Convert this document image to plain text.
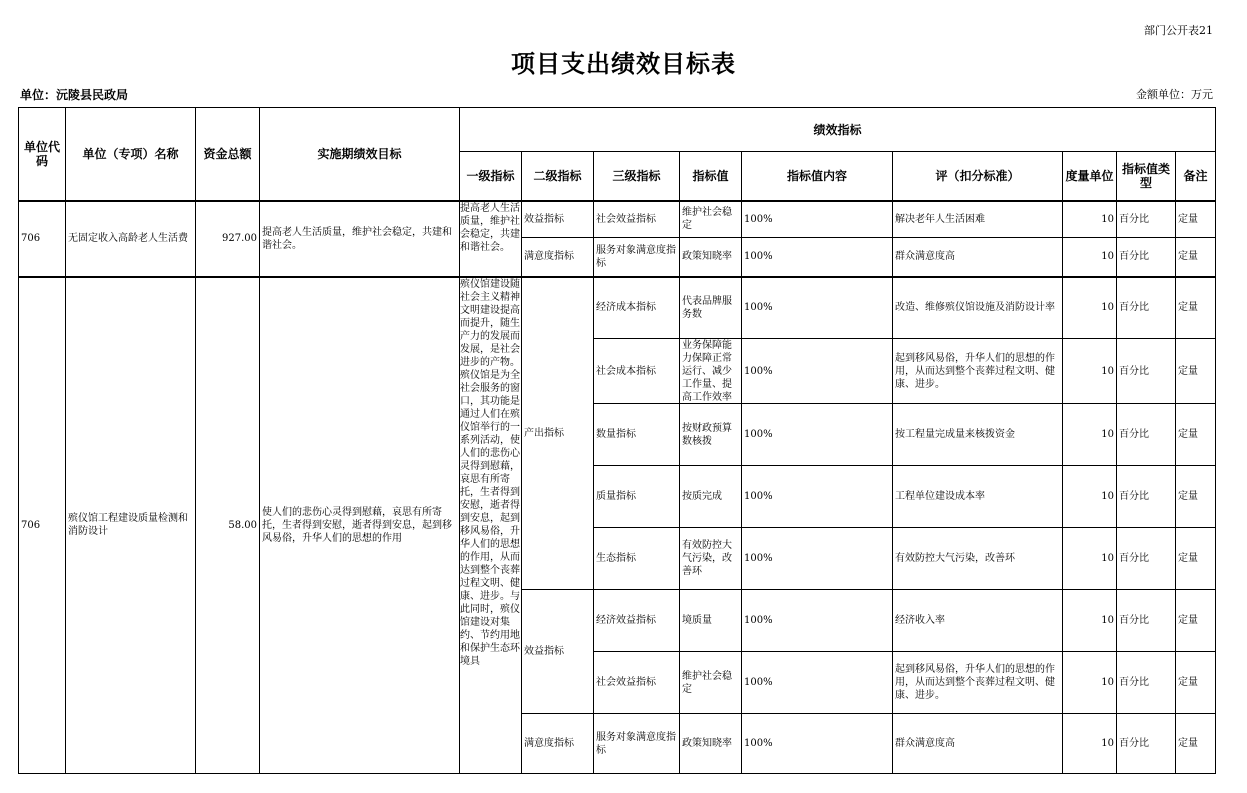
部门公开表21
项目支出绩效目标表
单位：沅陵县民政局	金额单位：万元
单位代码	单位（专项）名称	资金总额	实施期绩效目标	绩效指标								
				一级指标	二级指标	三级指标	指标值	指标值内容	评（扣分标准）	度量单位	指标值类型	备注
706	无固定收入高龄老人生活费	927.00	提高老人生活质量，维护社会稳定，共建和谐社会。	提高老人生活质量，维护社会稳定，共建和谐社会。	效益指标	社会效益指标	维护社会稳定	100%	解决老年人生活困难	10	百分比	定量
					满意度指标	服务对象满意度指标	政策知晓率	100%	群众满意度高	10	百分比	定量
706	殡仪馆工程建设质量检测和消防设计	58.00	使人们的悲伤心灵得到慰藉，哀思有所寄托，生者得到安慰，逝者得到安息，起到移风易俗，升华人们的思想的作用	殡仪馆建设随社会主义精神文明建设提高而提升，随生产力的发展而发展，是社会进步的产物。殡仪馆是为全社会服务的窗口，其功能是通过人们在殡仪馆举行的一系列活动，使人们的悲伤心灵得到慰藉，哀思有所寄托，生者得到安慰，逝者得到安息，起到移风易俗，升华人们的思想的作用，从而达到整个丧葬过程文明、健康、进步。与此同时，殡仪馆建设对集约、节约用地和保护生态环境具	产出指标	经济成本指标	代表品牌服务数	100%	改造、维修殡仪馆设施及消防设计率	10	百分比	定量
						社会成本指标	业务保障能力保障正常运行、减少工作量、提高工作效率	100%	起到移风易俗，升华人们的思想的作用，从而达到整个丧葬过程文明、健康、进步。	10	百分比	定量
						数量指标	按财政预算数核拨	100%	按工程量完成量来核拨资金	10	百分比	定量
						质量指标	按质完成	100%	工程单位建设成本率	10	百分比	定量
						生态指标	有效防控大气污染，改善环	100%	有效防控大气污染，改善环	10	百分比	定量
					效益指标	经济效益指标	境质量	100%	经济收入率	10	百分比	定量
						社会效益指标	维护社会稳定	100%	起到移风易俗，升华人们的思想的作用，从而达到整个丧葬过程文明、健康、进步。	10	百分比	定量
					满意度指标	服务对象满意度指标	政策知晓率	100%	群众满意度高	10	百分比	定量
